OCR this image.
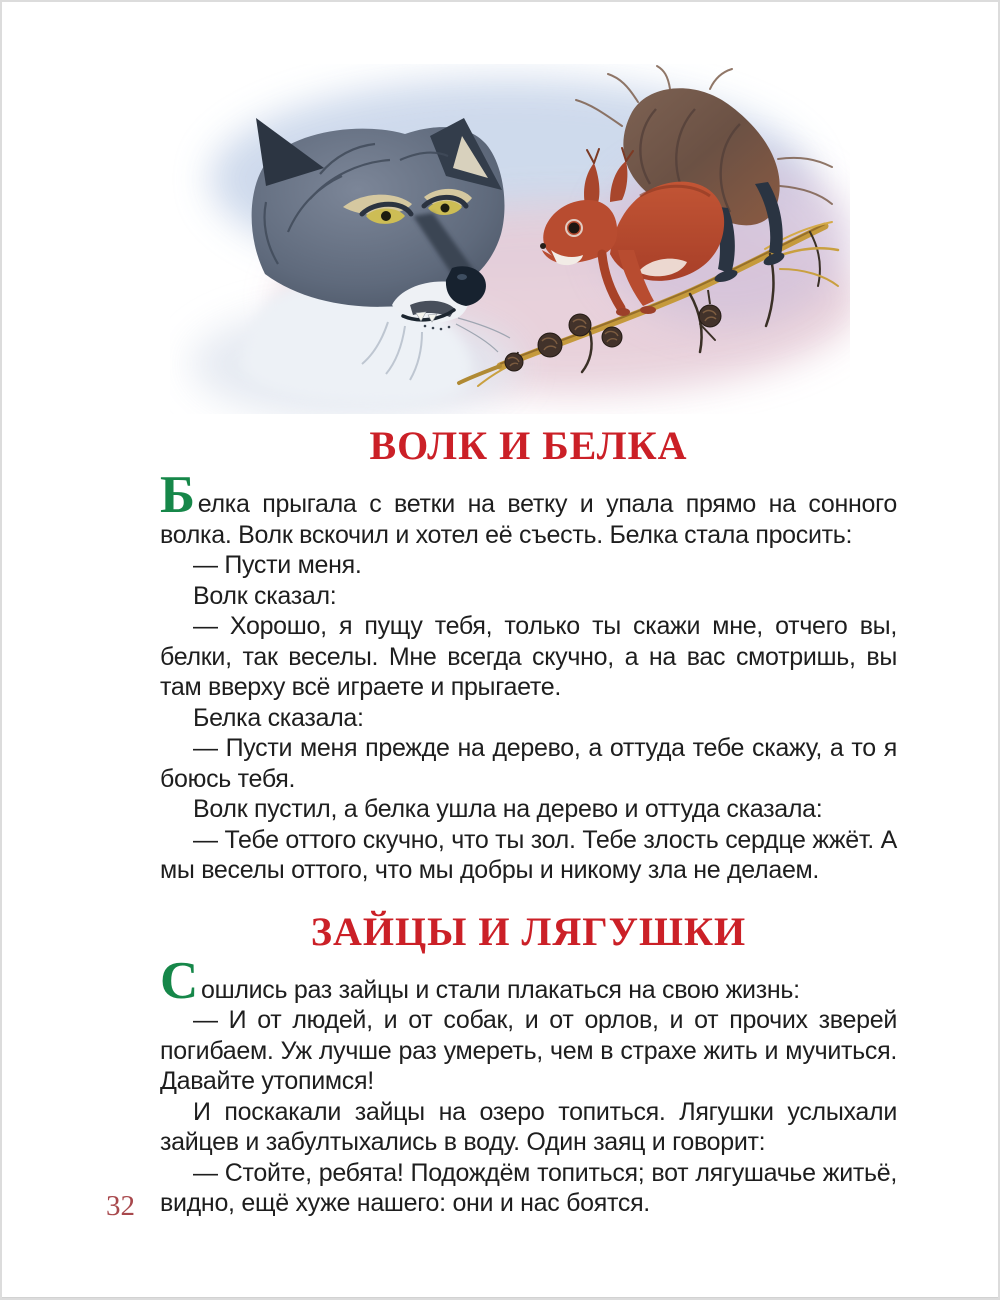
ВОЛК И БЕЛКА

Белка прыгала с ветки на ветку и упала прямо на сонного волка. Волк вскочил и хотел её съесть. Белка стала просить:

— Пусти меня.

Волк сказал:

— Хорошо, я пущу тебя, только ты скажи мне, отчего вы, белки, так веселы. Мне всегда скучно, а на вас смотришь, вы там вверху всё играете и прыгаете.

Белка сказала:

— Пусти меня прежде на дерево, а оттуда тебе скажу, а то я боюсь тебя.

Волк пустил, а белка ушла на дерево и оттуда сказала:

— Тебе оттого скучно, что ты зол. Тебе злость сердце жжёт. А мы веселы оттого, что мы добры и никому зла не делаем.

ЗАЙЦЫ И ЛЯГУШКИ

Сошлись раз зайцы и стали плакаться на свою жизнь:

— И от людей, и от собак, и от орлов, и от прочих зверей погибаем. Уж лучше раз умереть, чем в страхе жить и мучиться. Давайте утопимся!

И поскакали зайцы на озеро топиться. Лягушки услыхали зайцев и забултыхались в воду. Один заяц и говорит:

— Стойте, ребята! Подождём топиться; вот лягушачье житьё, видно, ещё хуже нашего: они и нас боятся.

32
